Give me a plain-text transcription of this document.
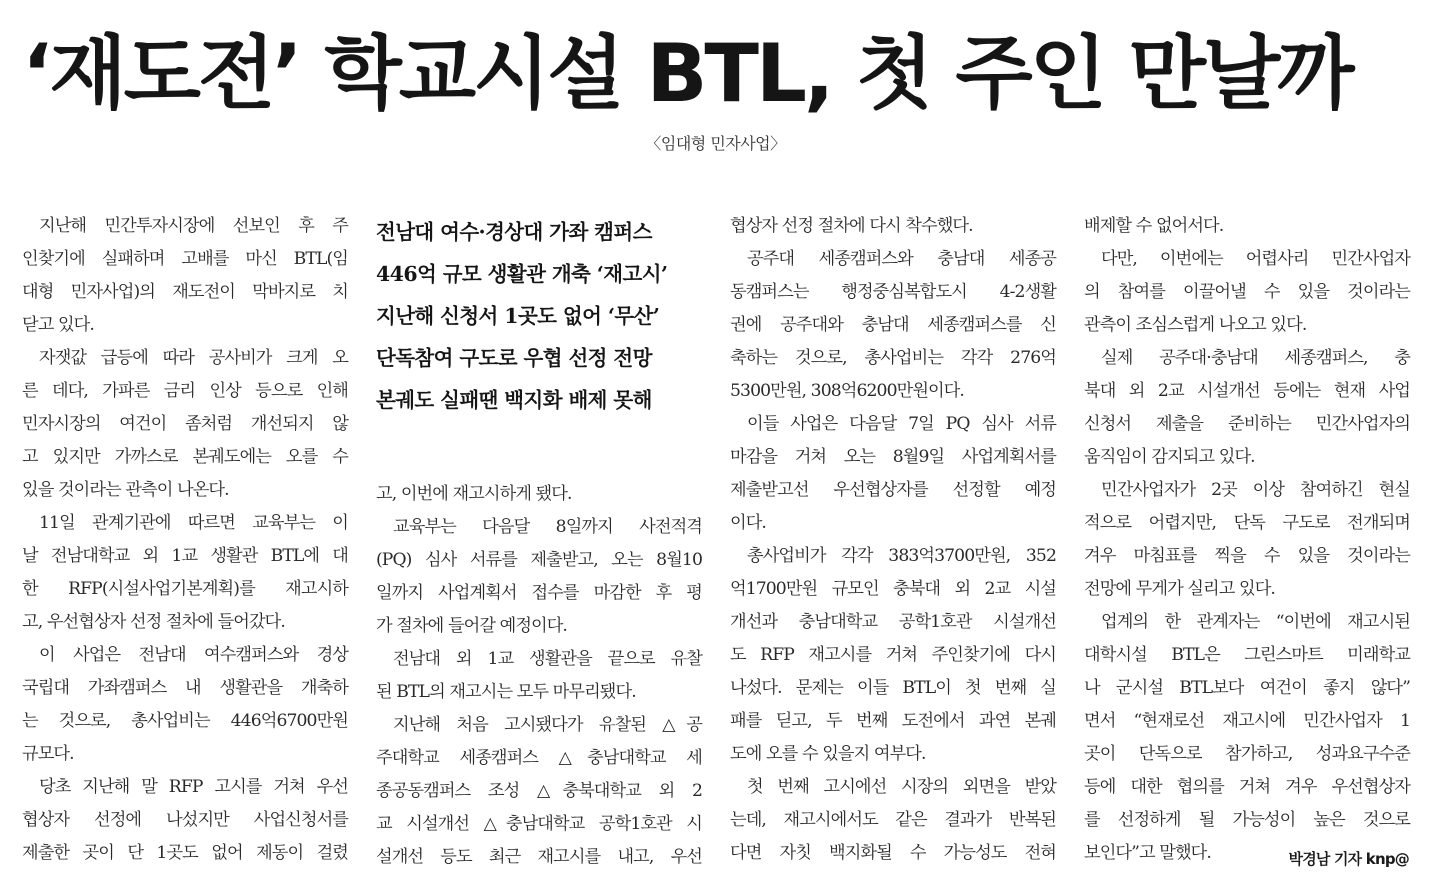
‘재도전’ 학교시설 BTL, 첫 주인 만날까
〈임대형 민자사업〉
지난해 민간투자시장에 선보인 후 주
인찾기에 실패하며 고배를 마신 BTL(임
대형 민자사업)의 재도전이 막바지로 치
닫고 있다.
자잿값 급등에 따라 공사비가 크게 오
른 데다, 가파른 금리 인상 등으로 인해
민자시장의 여건이 좀처럼 개선되지 않
고 있지만 가까스로 본궤도에는 오를 수
있을 것이라는 관측이 나온다.
11일 관계기관에 따르면 교육부는 이
날 전남대학교 외 1교 생활관 BTL에 대
한 RFP(시설사업기본계획)를 재고시하
고, 우선협상자 선정 절차에 들어갔다.
이 사업은 전남대 여수캠퍼스와 경상
국립대 가좌캠퍼스 내 생활관을 개축하
는 것으로, 총사업비는 446억6700만원
규모다.
당초 지난해 말 RFP 고시를 거쳐 우선
협상자 선정에 나섰지만 사업신청서를
제출한 곳이 단 1곳도 없어 제동이 걸렸
전남대 여수·경상대 가좌 캠퍼스
446억 규모 생활관 개축 ‘재고시’
지난해 신청서 1곳도 없어 ‘무산’
단독참여 구도로 우협 선정 전망
본궤도 실패땐 백지화 배제 못해
고, 이번에 재고시하게 됐다.
교육부는 다음달 8일까지 사전적격
(PQ) 심사 서류를 제출받고, 오는 8월10
일까지 사업계획서 접수를 마감한 후 평
가 절차에 들어갈 예정이다.
전남대 외 1교 생활관을 끝으로 유찰
된 BTL의 재고시는 모두 마무리됐다.
지난해 처음 고시됐다가 유찰된 △공
주대학교 세종캠퍼스 △충남대학교 세
종공동캠퍼스 조성 △충북대학교 외 2
교 시설개선 △충남대학교 공학1호관 시
설개선 등도 최근 재고시를 내고, 우선
협상자 선정 절차에 다시 착수했다.
공주대 세종캠퍼스와 충남대 세종공
동캠퍼스는 행정중심복합도시 4-2생활
권에 공주대와 충남대 세종캠퍼스를 신
축하는 것으로, 총사업비는 각각 276억
5300만원, 308억6200만원이다.
이들 사업은 다음달 7일 PQ 심사 서류
마감을 거쳐 오는 8월9일 사업계획서를
제출받고선 우선협상자를 선정할 예정
이다.
총사업비가 각각 383억3700만원, 352
억1700만원 규모인 충북대 외 2교 시설
개선과 충남대학교 공학1호관 시설개선
도 RFP 재고시를 거쳐 주인찾기에 다시
나섰다. 문제는 이들 BTL이 첫 번째 실
패를 딛고, 두 번째 도전에서 과연 본궤
도에 오를 수 있을지 여부다.
첫 번째 고시에선 시장의 외면을 받았
는데, 재고시에서도 같은 결과가 반복된
다면 자칫 백지화될 수 가능성도 전혀
배제할 수 없어서다.
다만, 이번에는 어렵사리 민간사업자
의 참여를 이끌어낼 수 있을 것이라는
관측이 조심스럽게 나오고 있다.
실제 공주대·충남대 세종캠퍼스, 충
북대 외 2교 시설개선 등에는 현재 사업
신청서 제출을 준비하는 민간사업자의
움직임이 감지되고 있다.
민간사업자가 2곳 이상 참여하긴 현실
적으로 어렵지만, 단독 구도로 전개되며
겨우 마침표를 찍을 수 있을 것이라는
전망에 무게가 실리고 있다.
업계의 한 관계자는 “이번에 재고시된
대학시설 BTL은 그린스마트 미래학교
나 군시설 BTL보다 여건이 좋지 않다”
면서 “현재로선 재고시에 민간사업자 1
곳이 단독으로 참가하고, 성과요구수준
등에 대한 협의를 거쳐 겨우 우선협상자
를 선정하게 될 가능성이 높은 것으로
보인다”고 말했다.	박경남 기자 knp@
